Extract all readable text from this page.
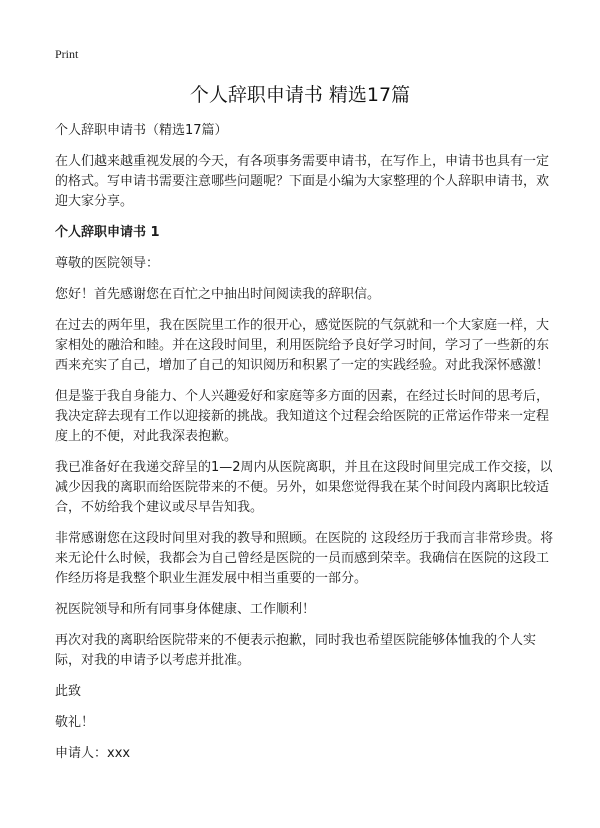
Print
个人辞职申请书 精选17篇

个人辞职申请书（精选17篇）

在人们越来越重视发展的今天，有各项事务需要申请书，在写作上，申请书也具有一定的格式。写申请书需要注意哪些问题呢？下面是小编为大家整理的个人辞职申请书，欢迎大家分享。

个人辞职申请书 1

尊敬的医院领导：

您好！首先感谢您在百忙之中抽出时间阅读我的辞职信。

在过去的两年里，我在医院里工作的很开心，感觉医院的气氛就和一个大家庭一样，大家相处的融洽和睦。并在这段时间里，利用医院给予良好学习时间，学习了一些新的东西来充实了自己，增加了自己的知识阅历和积累了一定的实践经验。对此我深怀感激！

但是鉴于我自身能力、个人兴趣爱好和家庭等多方面的因素，在经过长时间的思考后，我决定辞去现有工作以迎接新的挑战。我知道这个过程会给医院的正常运作带来一定程度上的不便，对此我深表抱歉。

我已准备好在我递交辞呈的1—2周内从医院离职，并且在这段时间里完成工作交接，以减少因我的离职而给医院带来的不便。另外，如果您觉得我在某个时间段内离职比较适合，不妨给我个建议或尽早告知我。

非常感谢您在这段时间里对我的教导和照顾。在医院的 这段经历于我而言非常珍贵。将来无论什么时候，我都会为自己曾经是医院的一员而感到荣幸。我确信在医院的这段工作经历将是我整个职业生涯发展中相当重要的一部分。

祝医院领导和所有同事身体健康、工作顺利！

再次对我的离职给医院带来的不便表示抱歉，同时我也希望医院能够体恤我的个人实际，对我的申请予以考虑并批准。

此致

敬礼！

申请人：xxx
